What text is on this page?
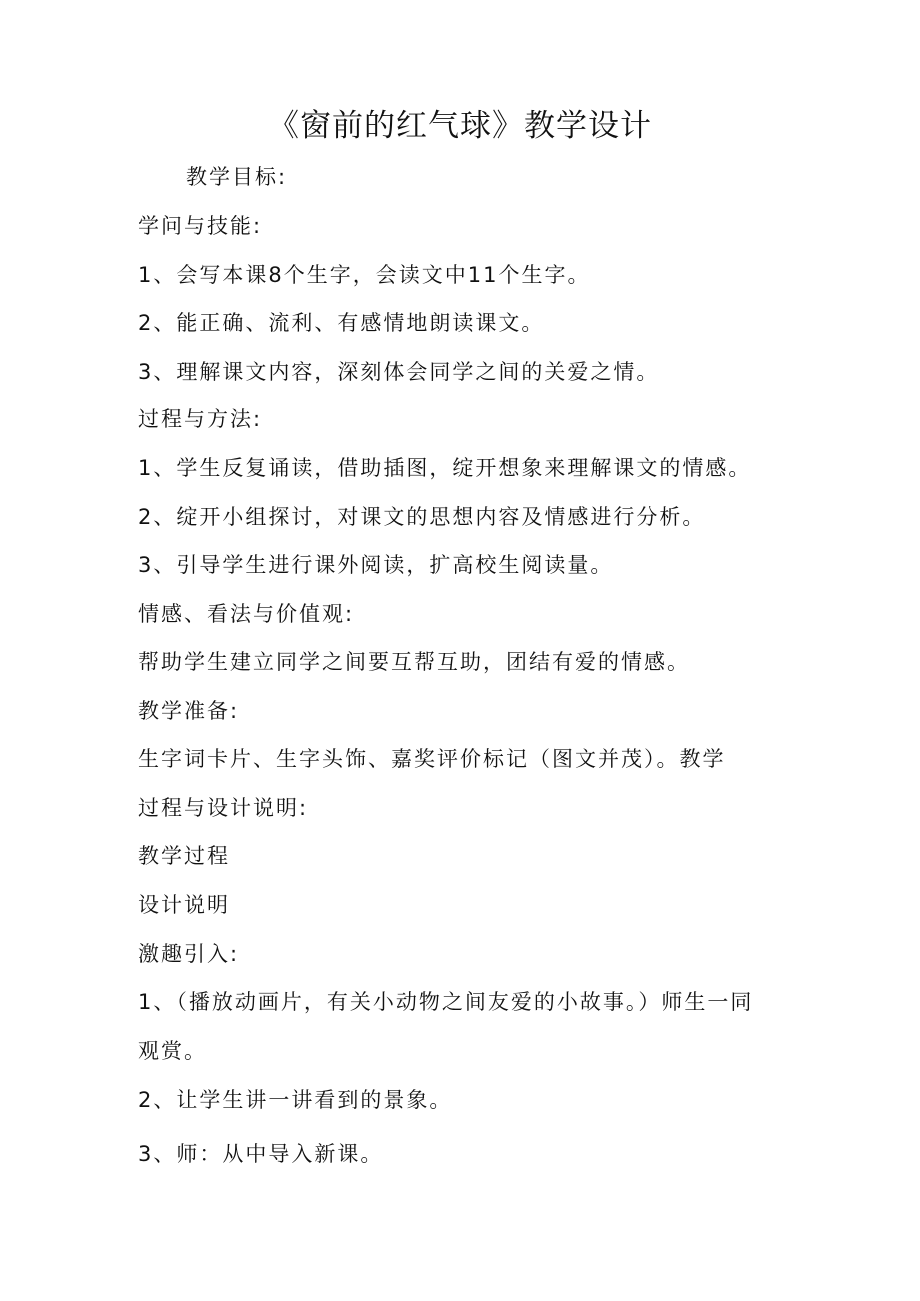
《窗前的红气球》教学设计
教学目标:
学问与技能:
1、会写本课8个生字，会读文中11个生字。
2、能正确、流利、有感情地朗读课文。
3、理解课文内容，深刻体会同学之间的关爱之情。
过程与方法:
1、学生反复诵读，借助插图，绽开想象来理解课文的情感。
2、绽开小组探讨，对课文的思想内容及情感进行分析。
3、引导学生进行课外阅读，扩高校生阅读量。
情感、看法与价值观:
帮助学生建立同学之间要互帮互助，团结有爱的情感。
教学准备:
生字词卡片、生字头饰、嘉奖评价标记（图文并茂）。教学
过程与设计说明:
教学过程
设计说明
激趣引入:
1、（播放动画片，有关小动物之间友爱的小故事。）师生一同
观赏。
2、让学生讲一讲看到的景象。
3、师：从中导入新课。
